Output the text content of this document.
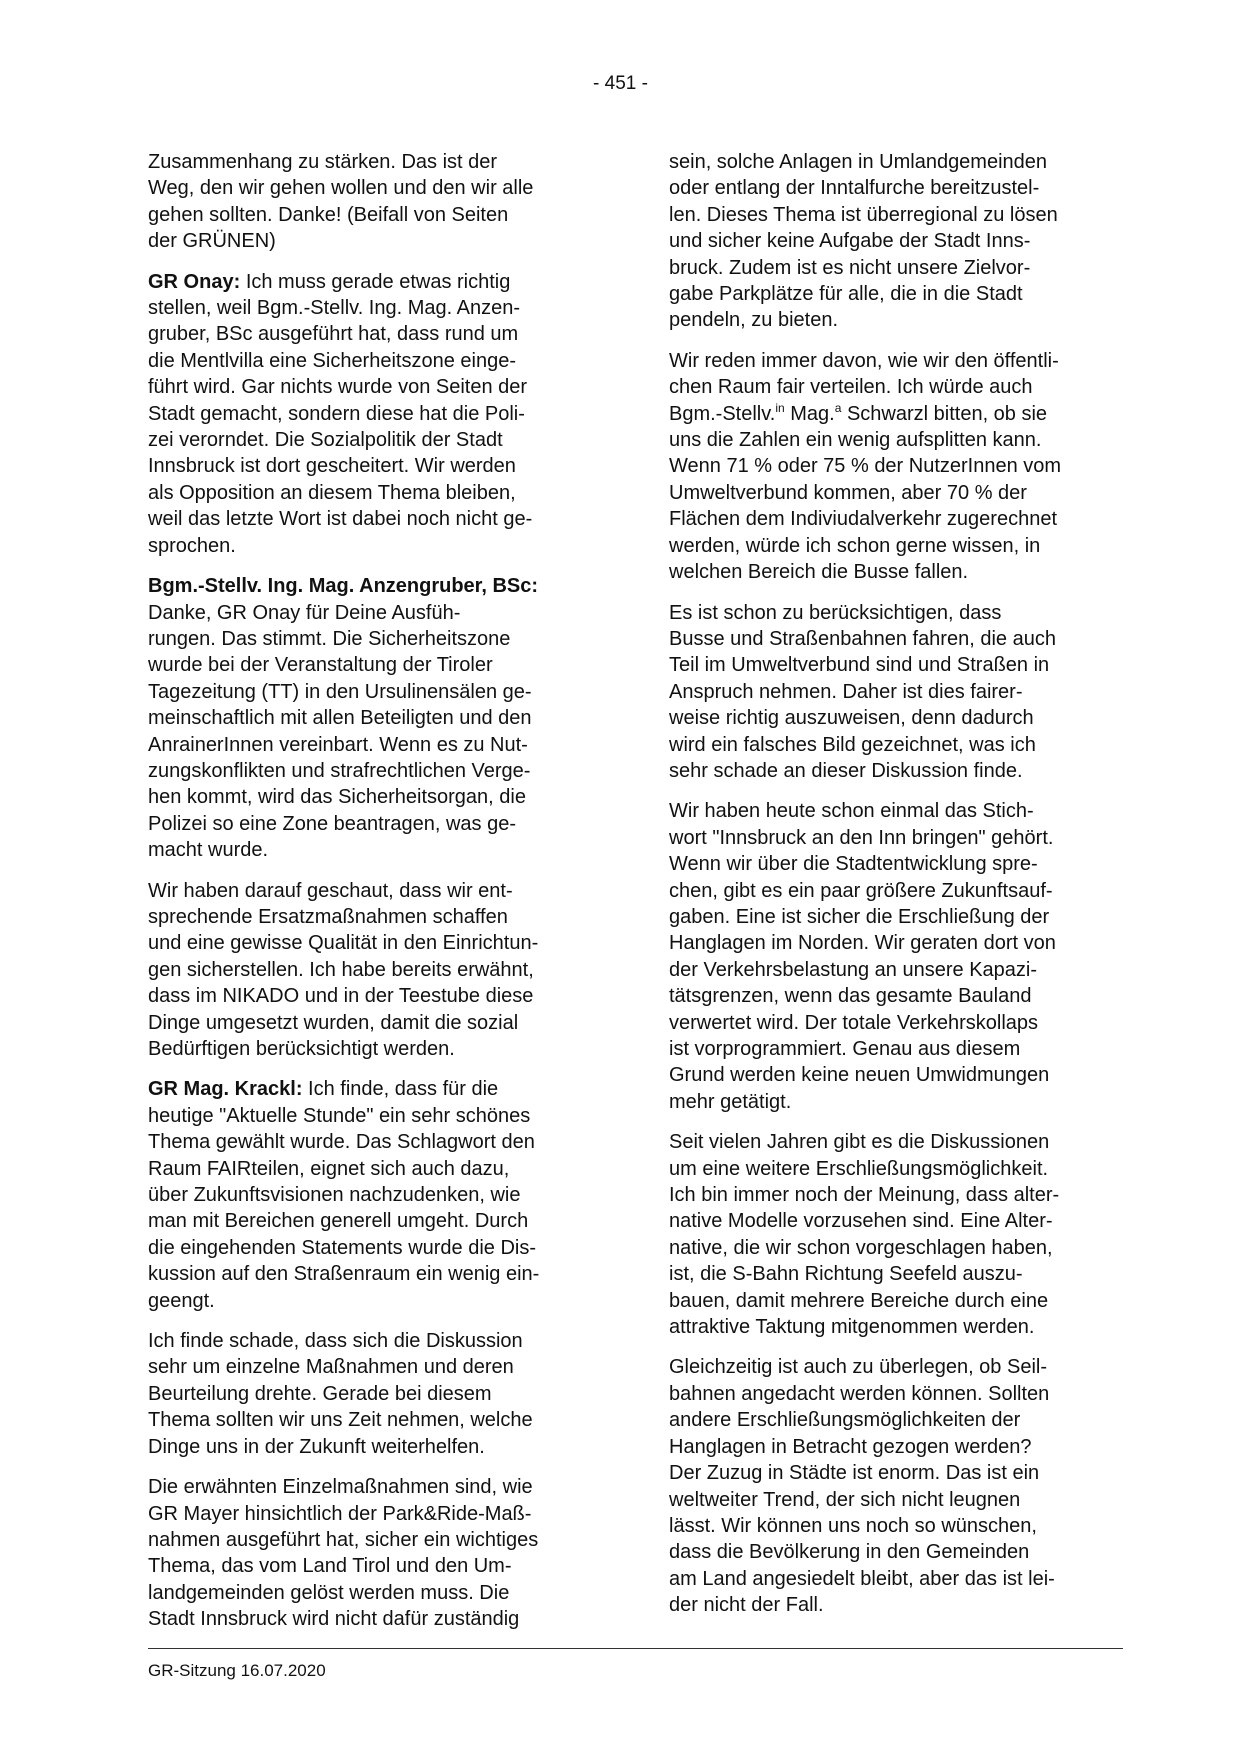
- 451 -

Zusammenhang zu stärken. Das ist der
Weg, den wir gehen wollen und den wir alle
gehen sollten. Danke! (Beifall von Seiten
der GRÜNEN)

GR Onay: Ich muss gerade etwas richtig
stellen, weil Bgm.-Stellv. Ing. Mag. Anzen-
gruber, BSc ausgeführt hat, dass rund um
die Mentlvilla eine Sicherheitszone einge-
führt wird. Gar nichts wurde von Seiten der
Stadt gemacht, sondern diese hat die Poli-
zei verorndet. Die Sozialpolitik der Stadt
Innsbruck ist dort gescheitert. Wir werden
als Opposition an diesem Thema bleiben,
weil das letzte Wort ist dabei noch nicht ge-
sprochen.

Bgm.-Stellv. Ing. Mag. Anzengruber, BSc: Danke, GR Onay für Deine Ausfüh-
rungen. Das stimmt. Die Sicherheitszone
wurde bei der Veranstaltung der Tiroler
Tagezeitung (TT) in den Ursulinensälen ge-
meinschaftlich mit allen Beteiligten und den
AnrainerInnen vereinbart. Wenn es zu Nut-
zungskonflikten und strafrechtlichen Verge-
hen kommt, wird das Sicherheitsorgan, die
Polizei so eine Zone beantragen, was ge-
macht wurde.

Wir haben darauf geschaut, dass wir ent-
sprechende Ersatzmaßnahmen schaffen
und eine gewisse Qualität in den Einrichtun-
gen sicherstellen. Ich habe bereits erwähnt,
dass im NIKADO und in der Teestube diese
Dinge umgesetzt wurden, damit die sozial
Bedürftigen berücksichtigt werden.

GR Mag. Krackl: Ich finde, dass für die
heutige "Aktuelle Stunde" ein sehr schönes
Thema gewählt wurde. Das Schlagwort den
Raum FAIRteilen, eignet sich auch dazu,
über Zukunftsvisionen nachzudenken, wie
man mit Bereichen generell umgeht. Durch
die eingehenden Statements wurde die Dis-
kussion auf den Straßenraum ein wenig ein-
geengt.

Ich finde schade, dass sich die Diskussion
sehr um einzelne Maßnahmen und deren
Beurteilung drehte. Gerade bei diesem
Thema sollten wir uns Zeit nehmen, welche
Dinge uns in der Zukunft weiterhelfen.

Die erwähnten Einzelmaßnahmen sind, wie
GR Mayer hinsichtlich der Park&Ride-Maß-
nahmen ausgeführt hat, sicher ein wichtiges
Thema, das vom Land Tirol und den Um-
landgemeinden gelöst werden muss. Die
Stadt Innsbruck wird nicht dafür zuständig

sein, solche Anlagen in Umlandgemeinden
oder entlang der Inntalfurche bereitzustel-
len. Dieses Thema ist überregional zu lösen
und sicher keine Aufgabe der Stadt Inns-
bruck. Zudem ist es nicht unsere Zielvor-
gabe Parkplätze für alle, die in die Stadt
pendeln, zu bieten.

Wir reden immer davon, wie wir den öffentli-
chen Raum fair verteilen. Ich würde auch
Bgm.-Stellv.$^{in}$ Mag.$^a$ Schwarzl bitten, ob sie
uns die Zahlen ein wenig aufsplitten kann.
Wenn 71 % oder 75 % der NutzerInnen vom
Umweltverbund kommen, aber 70 % der
Flächen dem Indiviudalverkehr zugerechnet
werden, würde ich schon gerne wissen, in
welchen Bereich die Busse fallen.

Es ist schon zu berücksichtigen, dass
Busse und Straßenbahnen fahren, die auch
Teil im Umweltverbund sind und Straßen in
Anspruch nehmen. Daher ist dies fairer-
weise richtig auszuweisen, denn dadurch
wird ein falsches Bild gezeichnet, was ich
sehr schade an dieser Diskussion finde.

Wir haben heute schon einmal das Stich-
wort "Innsbruck an den Inn bringen" gehört.
Wenn wir über die Stadtentwicklung spre-
chen, gibt es ein paar größere Zukunftsauf-
gaben. Eine ist sicher die Erschließung der
Hanglagen im Norden. Wir geraten dort von
der Verkehrsbelastung an unsere Kapazi-
tätsgrenzen, wenn das gesamte Bauland
verwertet wird. Der totale Verkehrskollaps
ist vorprogrammiert. Genau aus diesem
Grund werden keine neuen Umwidmungen
mehr getätigt.

Seit vielen Jahren gibt es die Diskussionen
um eine weitere Erschließungsmöglichkeit.
Ich bin immer noch der Meinung, dass alter-
native Modelle vorzusehen sind. Eine Alter-
native, die wir schon vorgeschlagen haben,
ist, die S-Bahn Richtung Seefeld auszu-
bauen, damit mehrere Bereiche durch eine
attraktive Taktung mitgenommen werden.

Gleichzeitig ist auch zu überlegen, ob Seil-
bahnen angedacht werden können. Sollten
andere Erschließungsmöglichkeiten der
Hanglagen in Betracht gezogen werden?
Der Zuzug in Städte ist enorm. Das ist ein
weltweiter Trend, der sich nicht leugnen
lässt. Wir können uns noch so wünschen,
dass die Bevölkerung in den Gemeinden
am Land angesiedelt bleibt, aber das ist lei-
der nicht der Fall.

GR-Sitzung 16.07.2020
